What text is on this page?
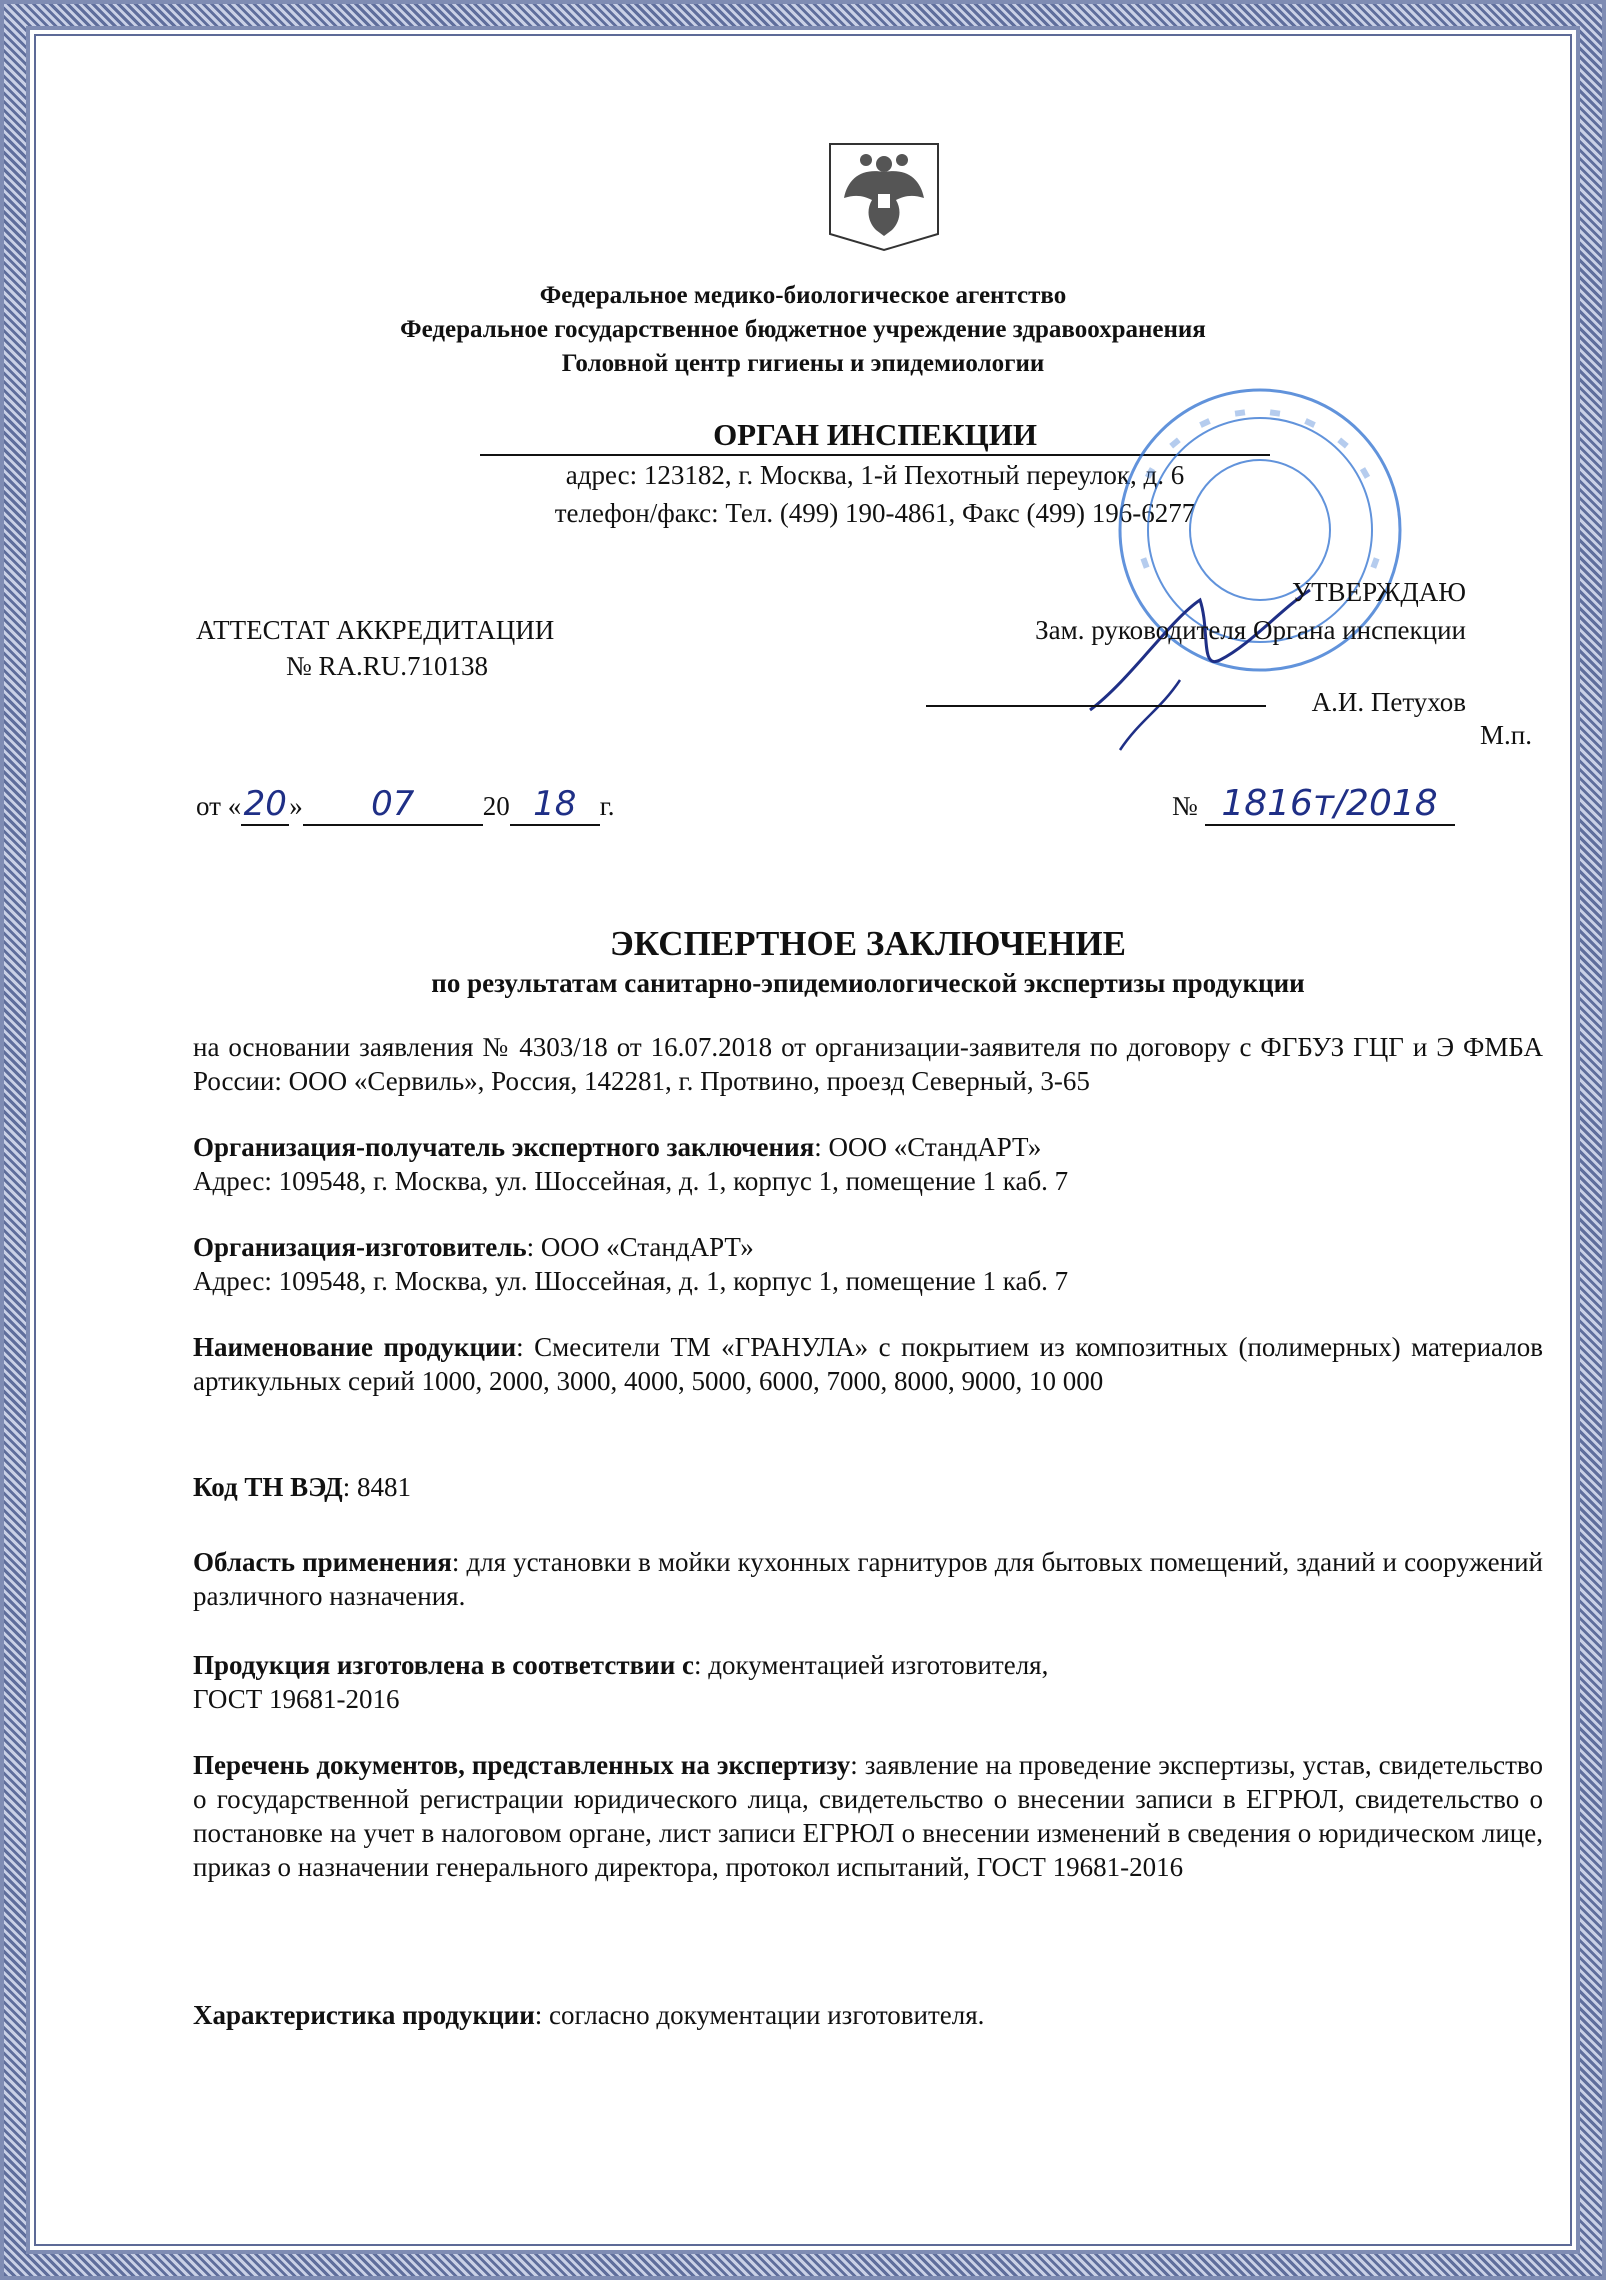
Федеральное медико-биологическое агентство
Федеральное государственное бюджетное учреждение здравоохранения
Головной центр гигиены и эпидемиологии
ОРГАН ИНСПЕКЦИИ
адрес: 123182, г. Москва, 1-й Пехотный переулок, д. 6
телефон/факс: Тел. (499) 190-4861, Факс (499) 196-6277
АТТЕСТАТ АККРЕДИТАЦИИ
№ RA.RU.710138
УТВЕРЖДАЮ
Зам. руководителя Органа инспекции
А.И. Петухов
М.п.
от «20» 07	20 18 г.	№ 1816т/2018
ЭКСПЕРТНОЕ ЗАКЛЮЧЕНИЕ
по результатам санитарно-эпидемиологической экспертизы продукции
на основании заявления № 4303/18 от 16.07.2018 от организации-заявителя по договору с ФГБУЗ ГЦГ и Э ФМБА России: ООО «Сервиль», Россия, 142281, г. Протвино, проезд Северный, 3-65
Организация-получатель экспертного заключения: ООО «СтандАРТ»
Адрес: 109548, г. Москва, ул. Шоссейная, д. 1, корпус 1, помещение 1 каб. 7
Организация-изготовитель: ООО «СтандАРТ»
Адрес: 109548, г. Москва, ул. Шоссейная, д. 1, корпус 1, помещение 1 каб. 7
Наименование продукции: Смесители ТМ «ГРАНУЛА» с покрытием из композитных (полимерных) материалов артикульных серий 1000, 2000, 3000, 4000, 5000, 6000, 7000, 8000, 9000, 10 000
Код ТН ВЭД: 8481
Область применения: для установки в мойки кухонных гарнитуров для бытовых помещений, зданий и сооружений различного назначения.
Продукция изготовлена в соответствии с: документацией изготовителя,
ГОСТ 19681-2016
Перечень документов, представленных на экспертизу: заявление на проведение экспертизы, устав, свидетельство о государственной регистрации юридического лица, свидетельство о внесении записи в ЕГРЮЛ, свидетельство о постановке на учет в налоговом органе, лист записи ЕГРЮЛ о внесении изменений в сведения о юридическом лице, приказ о назначении генерального директора, протокол испытаний, ГОСТ 19681-2016
Характеристика продукции: согласно документации изготовителя.
